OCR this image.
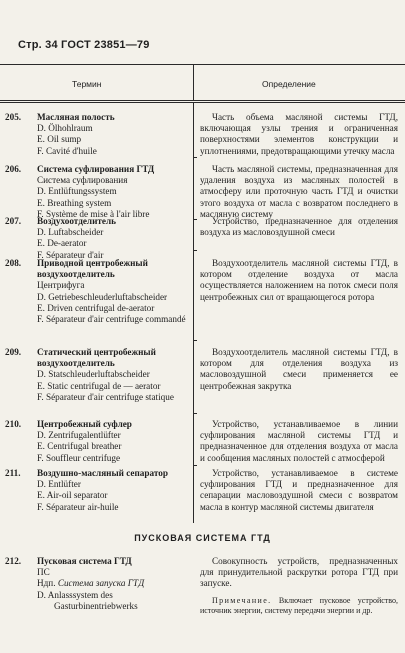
Стр. 34 ГОСТ 23851—79
Термин	Определение
205. Масляная полость
D. Ölhohlraum
E. Oil sump
F. Cavité d'huile
Часть объема масляной системы ГТД, включающая узлы трения и ограниченная поверхностями элементов конструкции и уплотнениями, предотвращающими утечку масла
206. Система суфлирования ГТД
Система суфлирования
D. Entlüftungssystem
E. Breathing system
F. Système de mise à l'air libre
Часть масляной системы, предназначенная для удаления воздуха из масляных полостей в атмосферу или проточную часть ГТД и очистки этого воздуха от масла с возвратом последнего в масляную систему
207. Воздухоотделитель
D. Luftabscheider
E. De-aerator
F. Séparateur d'air
Устройство, предназначенное для отделения воздуха из масловоздушной смеси
208. Приводной центробежный воздухоотделитель
Центрифуга
D. Getriebeschleuderluftabscheider
E. Driven centrifugal de-aerator
F. Séparateur d'air centrifuge commandé
Воздухоотделитель масляной системы ГТД, в котором отделение воздуха от масла осуществляется наложением на поток смеси поля центробежных сил от вращающегося ротора
209. Статический центробежный воздухоотделитель
D. Statschleuderluftabscheider
E. Static centrifugal de — aerator
F. Séparateur d'air centrifuge statique
Воздухоотделитель масляной системы ГТД, в котором для отделения воздуха из масловоздушной смеси применяется ее центробежная закрутка
210. Центробежный суфлер
D. Zentrifugalentlüfter
E. Centrifugal breather
F. Souffleur centrifuge
Устройство, устанавливаемое в линии суфлирования масляной системы ГТД и предназначенное для отделения воздуха от масла и сообщения масляных полостей с атмосферой
211. Воздушно-масляный сепаратор
D. Entlüfter
E. Air-oil separator
F. Séparateur air-huile
Устройство, устанавливаемое в системе суфлирования ГТД и предназначенное для сепарации масловоздушной смеси с возвратом масла в контур масляной системы двигателя
ПУСКОВАЯ СИСТЕМА ГТД
212. Пусковая система ГТД
ПС
Ндп. Система запуска ГТД
D. Anlasssystem des Gasturbinentriebwerks
Совокупность устройств, предназначенных для принудительной раскрутки ротора ГТД при запуске.
Примечание. Включает пусковое устройство, источник энергии, систему передачи энергии и др.
